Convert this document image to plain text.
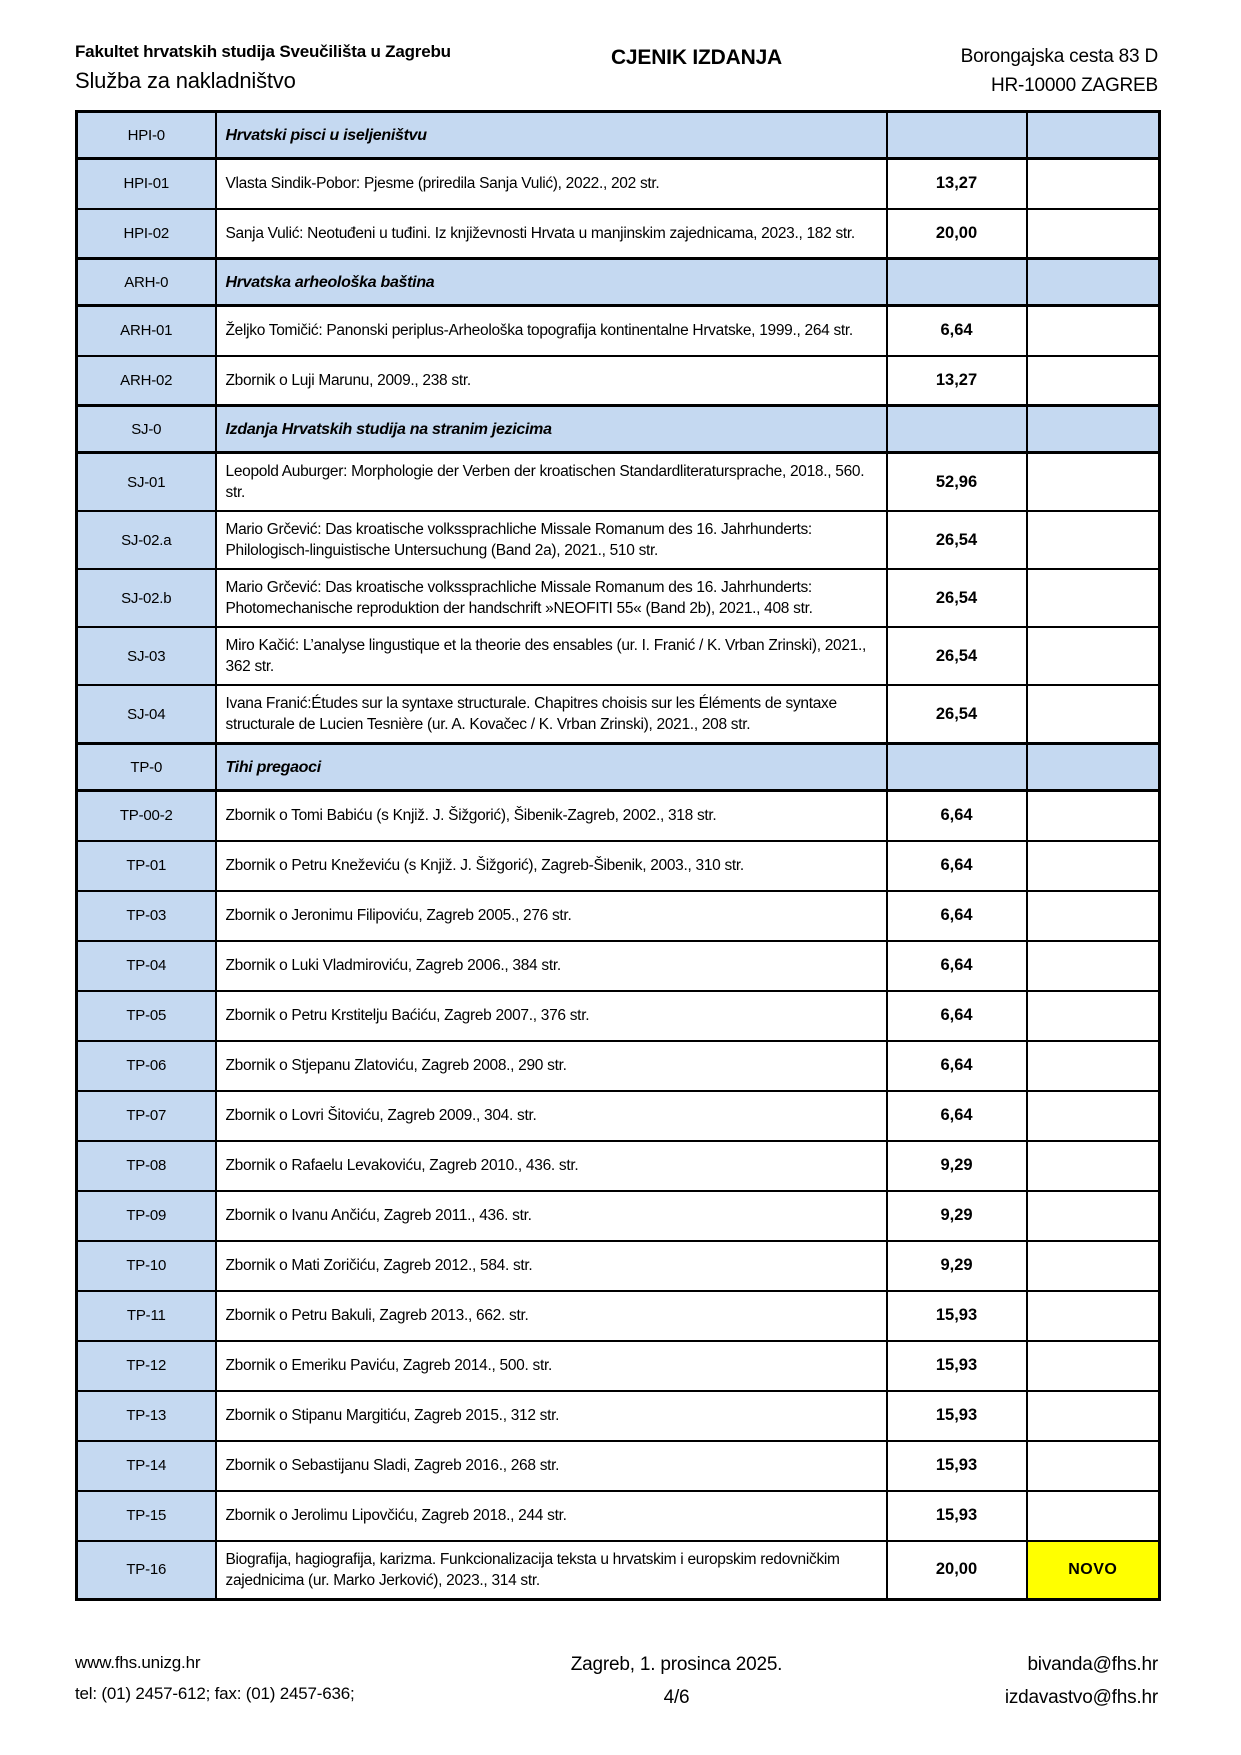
Fakultet hrvatskih studija Sveučilišta u Zagrebu
Služba za nakladništvo
CJENIK IZDANJA	Borongajska cesta 83 D
HR-10000 ZAGREB
HPI-0	Hrvatski pisci u iseljeništvu		
HPI-01	Vlasta Sindik-Pobor: Pjesme (priredila Sanja Vulić), 2022., 202 str.	13,27	
HPI-02	Sanja Vulić: Neotuđeni u tuđini. Iz književnosti Hrvata u manjinskim zajednicama, 2023., 182 str.	20,00	
ARH-0	Hrvatska arheološka baština		
ARH-01	Željko Tomičić: Panonski periplus-Arheološka topografija kontinentalne Hrvatske, 1999., 264 str.	6,64	
ARH-02	Zbornik o Luji Marunu, 2009., 238 str.	13,27	
SJ-0	Izdanja Hrvatskih studija na stranim jezicima		
SJ-01	Leopold Auburger: Morphologie der Verben der kroatischen Standardliteratursprache, 2018., 560. str.	52,96	
SJ-02.a	Mario Grčević: Das kroatische volkssprachliche Missale Romanum des 16. Jahrhunderts: Philologisch-linguistische Untersuchung (Band 2a), 2021., 510 str.	26,54	
SJ-02.b	Mario Grčević: Das kroatische volkssprachliche Missale Romanum des 16. Jahrhunderts: Photomechanische reproduktion der handschrift »NEOFITI 55« (Band 2b), 2021., 408 str.	26,54	
SJ-03	Miro Kačić: L’analyse lingustique et la theorie des ensables (ur. I. Franić / K. Vrban Zrinski), 2021., 362 str.	26,54	
SJ-04	Ivana Franić:Études sur la syntaxe structurale. Chapitres choisis sur les Éléments de syntaxe structurale de Lucien Tesnière (ur. A. Kovačec / K. Vrban Zrinski), 2021., 208 str.	26,54	
TP-0	Tihi pregaoci		
TP-00-2	Zbornik o Tomi Babiću (s Knjiž. J. Šižgorić), Šibenik-Zagreb, 2002., 318 str.	6,64	
TP-01	Zbornik o Petru Kneževiću (s Knjiž. J. Šižgorić), Zagreb-Šibenik, 2003., 310 str.	6,64	
TP-03	Zbornik o Jeronimu Filipoviću, Zagreb 2005., 276 str.	6,64	
TP-04	Zbornik o Luki Vladmiroviću, Zagreb 2006., 384 str.	6,64	
TP-05	Zbornik o Petru Krstitelju Baćiću, Zagreb 2007., 376 str.	6,64	
TP-06	Zbornik o Stjepanu Zlatoviću, Zagreb 2008., 290 str.	6,64	
TP-07	Zbornik o Lovri Šitoviću, Zagreb 2009., 304. str.	6,64	
TP-08	Zbornik o Rafaelu Levakoviću, Zagreb 2010., 436. str.	9,29	
TP-09	Zbornik o Ivanu Ančiću, Zagreb 2011., 436. str.	9,29	
TP-10	Zbornik o Mati Zoričiću, Zagreb 2012., 584. str.	9,29	
TP-11	Zbornik o Petru Bakuli, Zagreb 2013., 662. str.	15,93	
TP-12	Zbornik o Emeriku Paviću, Zagreb 2014., 500. str.	15,93	
TP-13	Zbornik o Stipanu Margitiću, Zagreb 2015., 312 str.	15,93	
TP-14	Zbornik o Sebastijanu Sladi, Zagreb 2016., 268 str.	15,93	
TP-15	Zbornik o Jerolimu Lipovčiću, Zagreb 2018., 244 str.	15,93	
TP-16	Biografija, hagiografija, karizma. Funkcionalizacija teksta u hrvatskim i europskim redovničkim zajednicima (ur. Marko Jerković), 2023., 314 str.	20,00	NOVO
www.fhs.unizg.hr
tel: (01) 2457-612; fax: (01) 2457-636;
Zagreb, 1. prosinca 2025.
4/6
bivanda@fhs.hr
izdavastvo@fhs.hr
